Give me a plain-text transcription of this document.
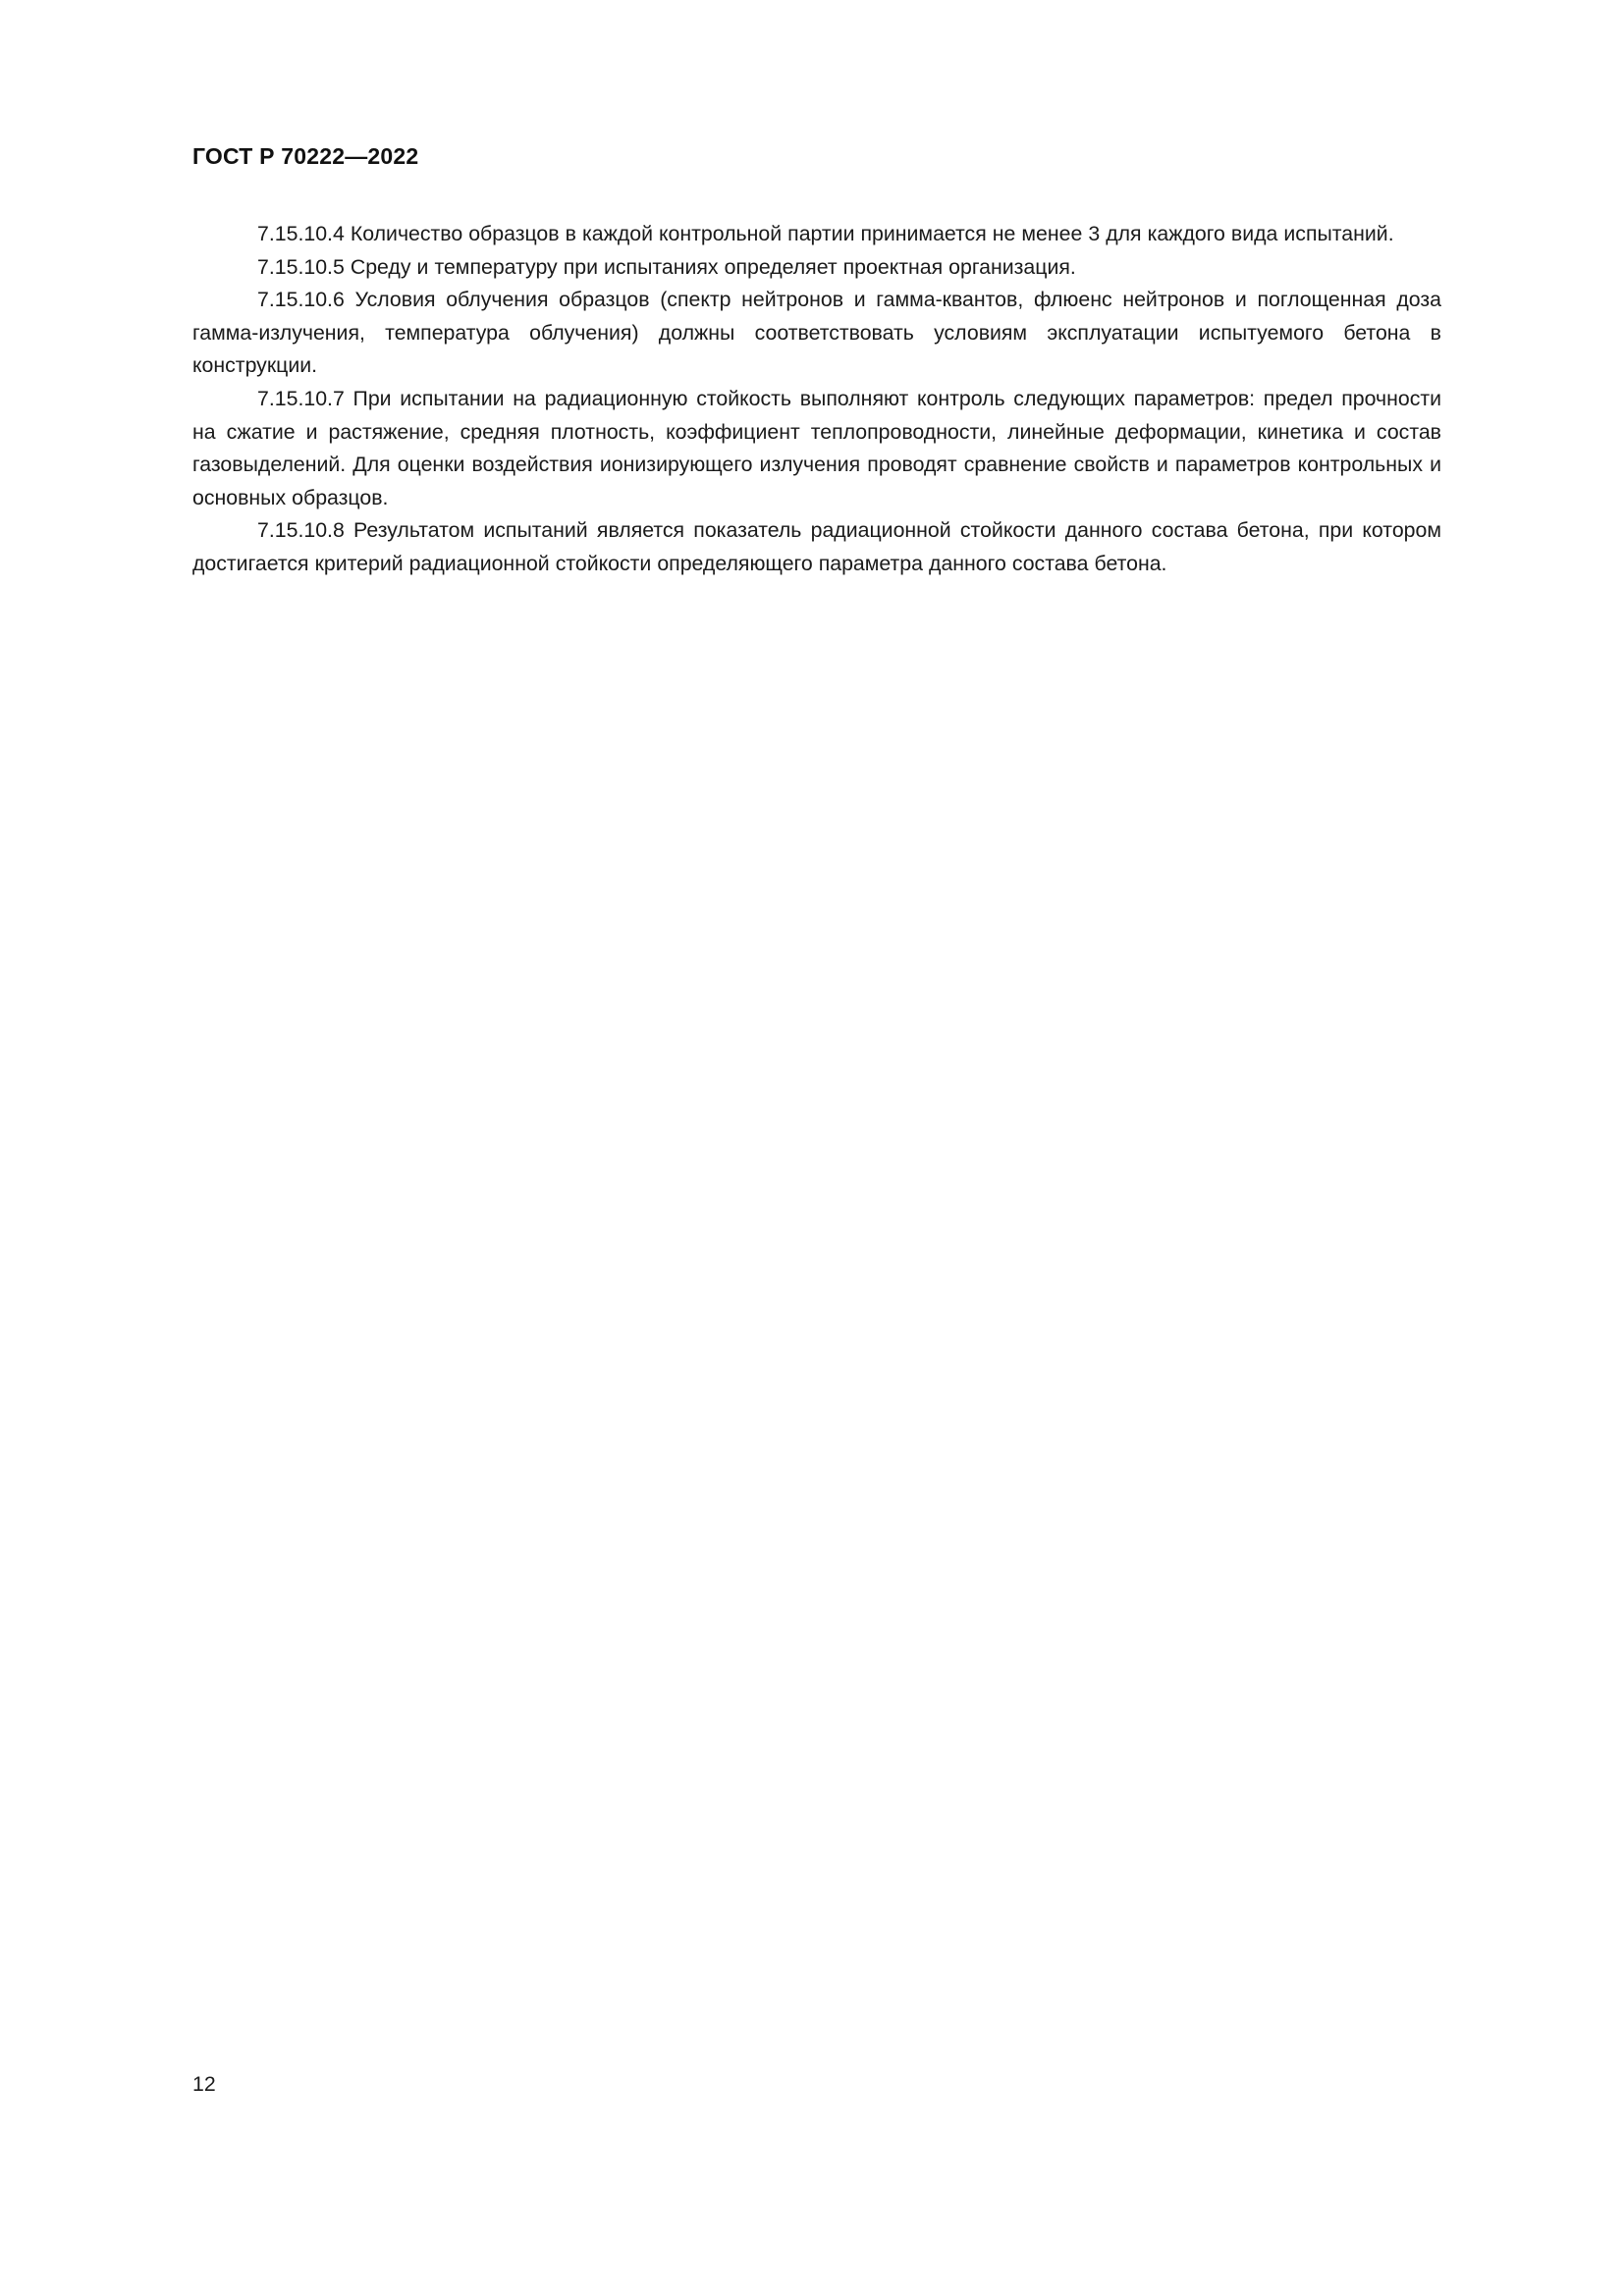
ГОСТ Р 70222—2022

7.15.10.4 Количество образцов в каждой контрольной партии принимается не менее 3 для каждого вида испытаний.

7.15.10.5 Среду и температуру при испытаниях определяет проектная организация.

7.15.10.6 Условия облучения образцов (спектр нейтронов и гамма-квантов, флюенс нейтронов и поглощенная доза гамма-излучения, температура облучения) должны соответствовать условиям эксплуатации испытуемого бетона в конструкции.

7.15.10.7 При испытании на радиационную стойкость выполняют контроль следующих параметров: предел прочности на сжатие и растяжение, средняя плотность, коэффициент теплопроводности, линейные деформации, кинетика и состав газовыделений. Для оценки воздействия ионизирующего излучения проводят сравнение свойств и параметров контрольных и основных образцов.

7.15.10.8 Результатом испытаний является показатель радиационной стойкости данного состава бетона, при котором достигается критерий радиационной стойкости определяющего параметра данного состава бетона.

12
